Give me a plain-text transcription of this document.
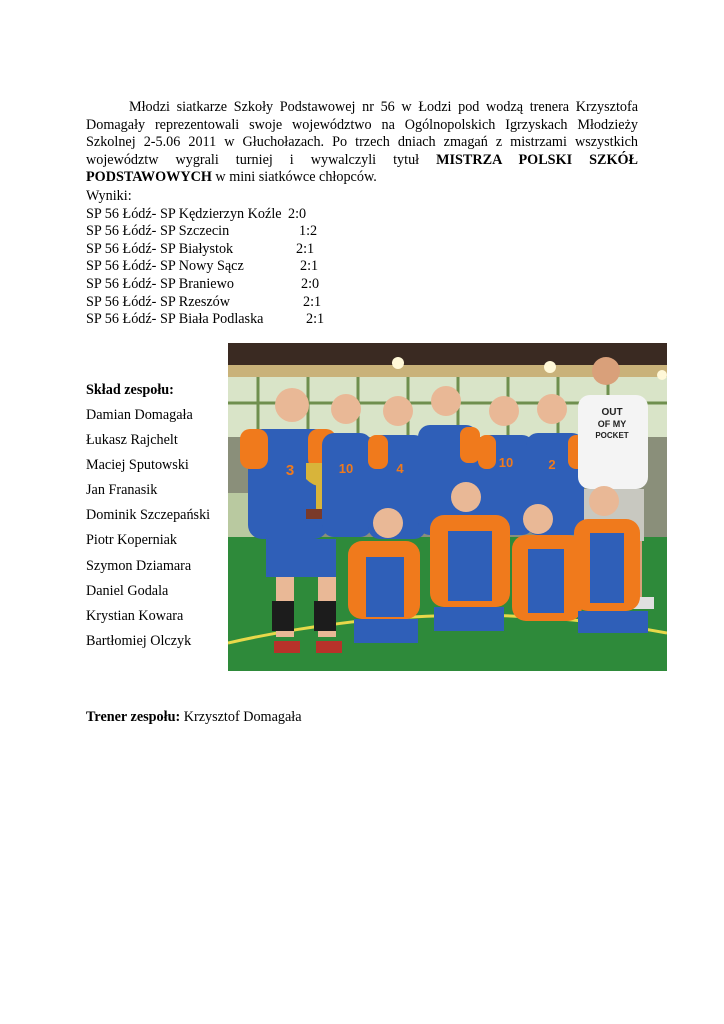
Młodzi siatkarze Szkoły Podstawowej nr 56 w Łodzi pod wodzą trenera Krzysztofa Domagały reprezentowali swoje województwo na Ogólnopolskich Igrzyskach Młodzieży Szkolnej 2-5.06 2011 w Głuchołazach. Po trzech dniach zmagań z mistrzami wszystkich województw wygrali turniej i wywalczyli tytuł MISTRZA POLSKI SZKÓŁ PODSTAWOWYCH w mini siatkówce chłopców.

Wyniki:
SP 56 Łódź- SP Kędzierzyn Koźle 2:0
SP 56 Łódź- SP Szczecin	1:2
SP 56 Łódź- SP Białystok	2:1
SP 56 Łódź- SP Nowy Sącz	2:1
SP 56 Łódź- SP Braniewo	2:0
SP 56 Łódź- SP Rzeszów	2:1
SP 56 Łódź- SP Biała Podlaska	2:1
Skład zespołu:
Damian Domagała
Łukasz Rajchelt
Maciej Sputowski
Jan Franasik
Dominik Szczepański
Piotr Koperniak
Szymon Dziamara
Daniel Godala
Krystian Kowara
Bartłomiej Olczyk
OUT
OF MY
POCKET
3	10	4	10	2
Trener zespołu: Krzysztof Domagała
